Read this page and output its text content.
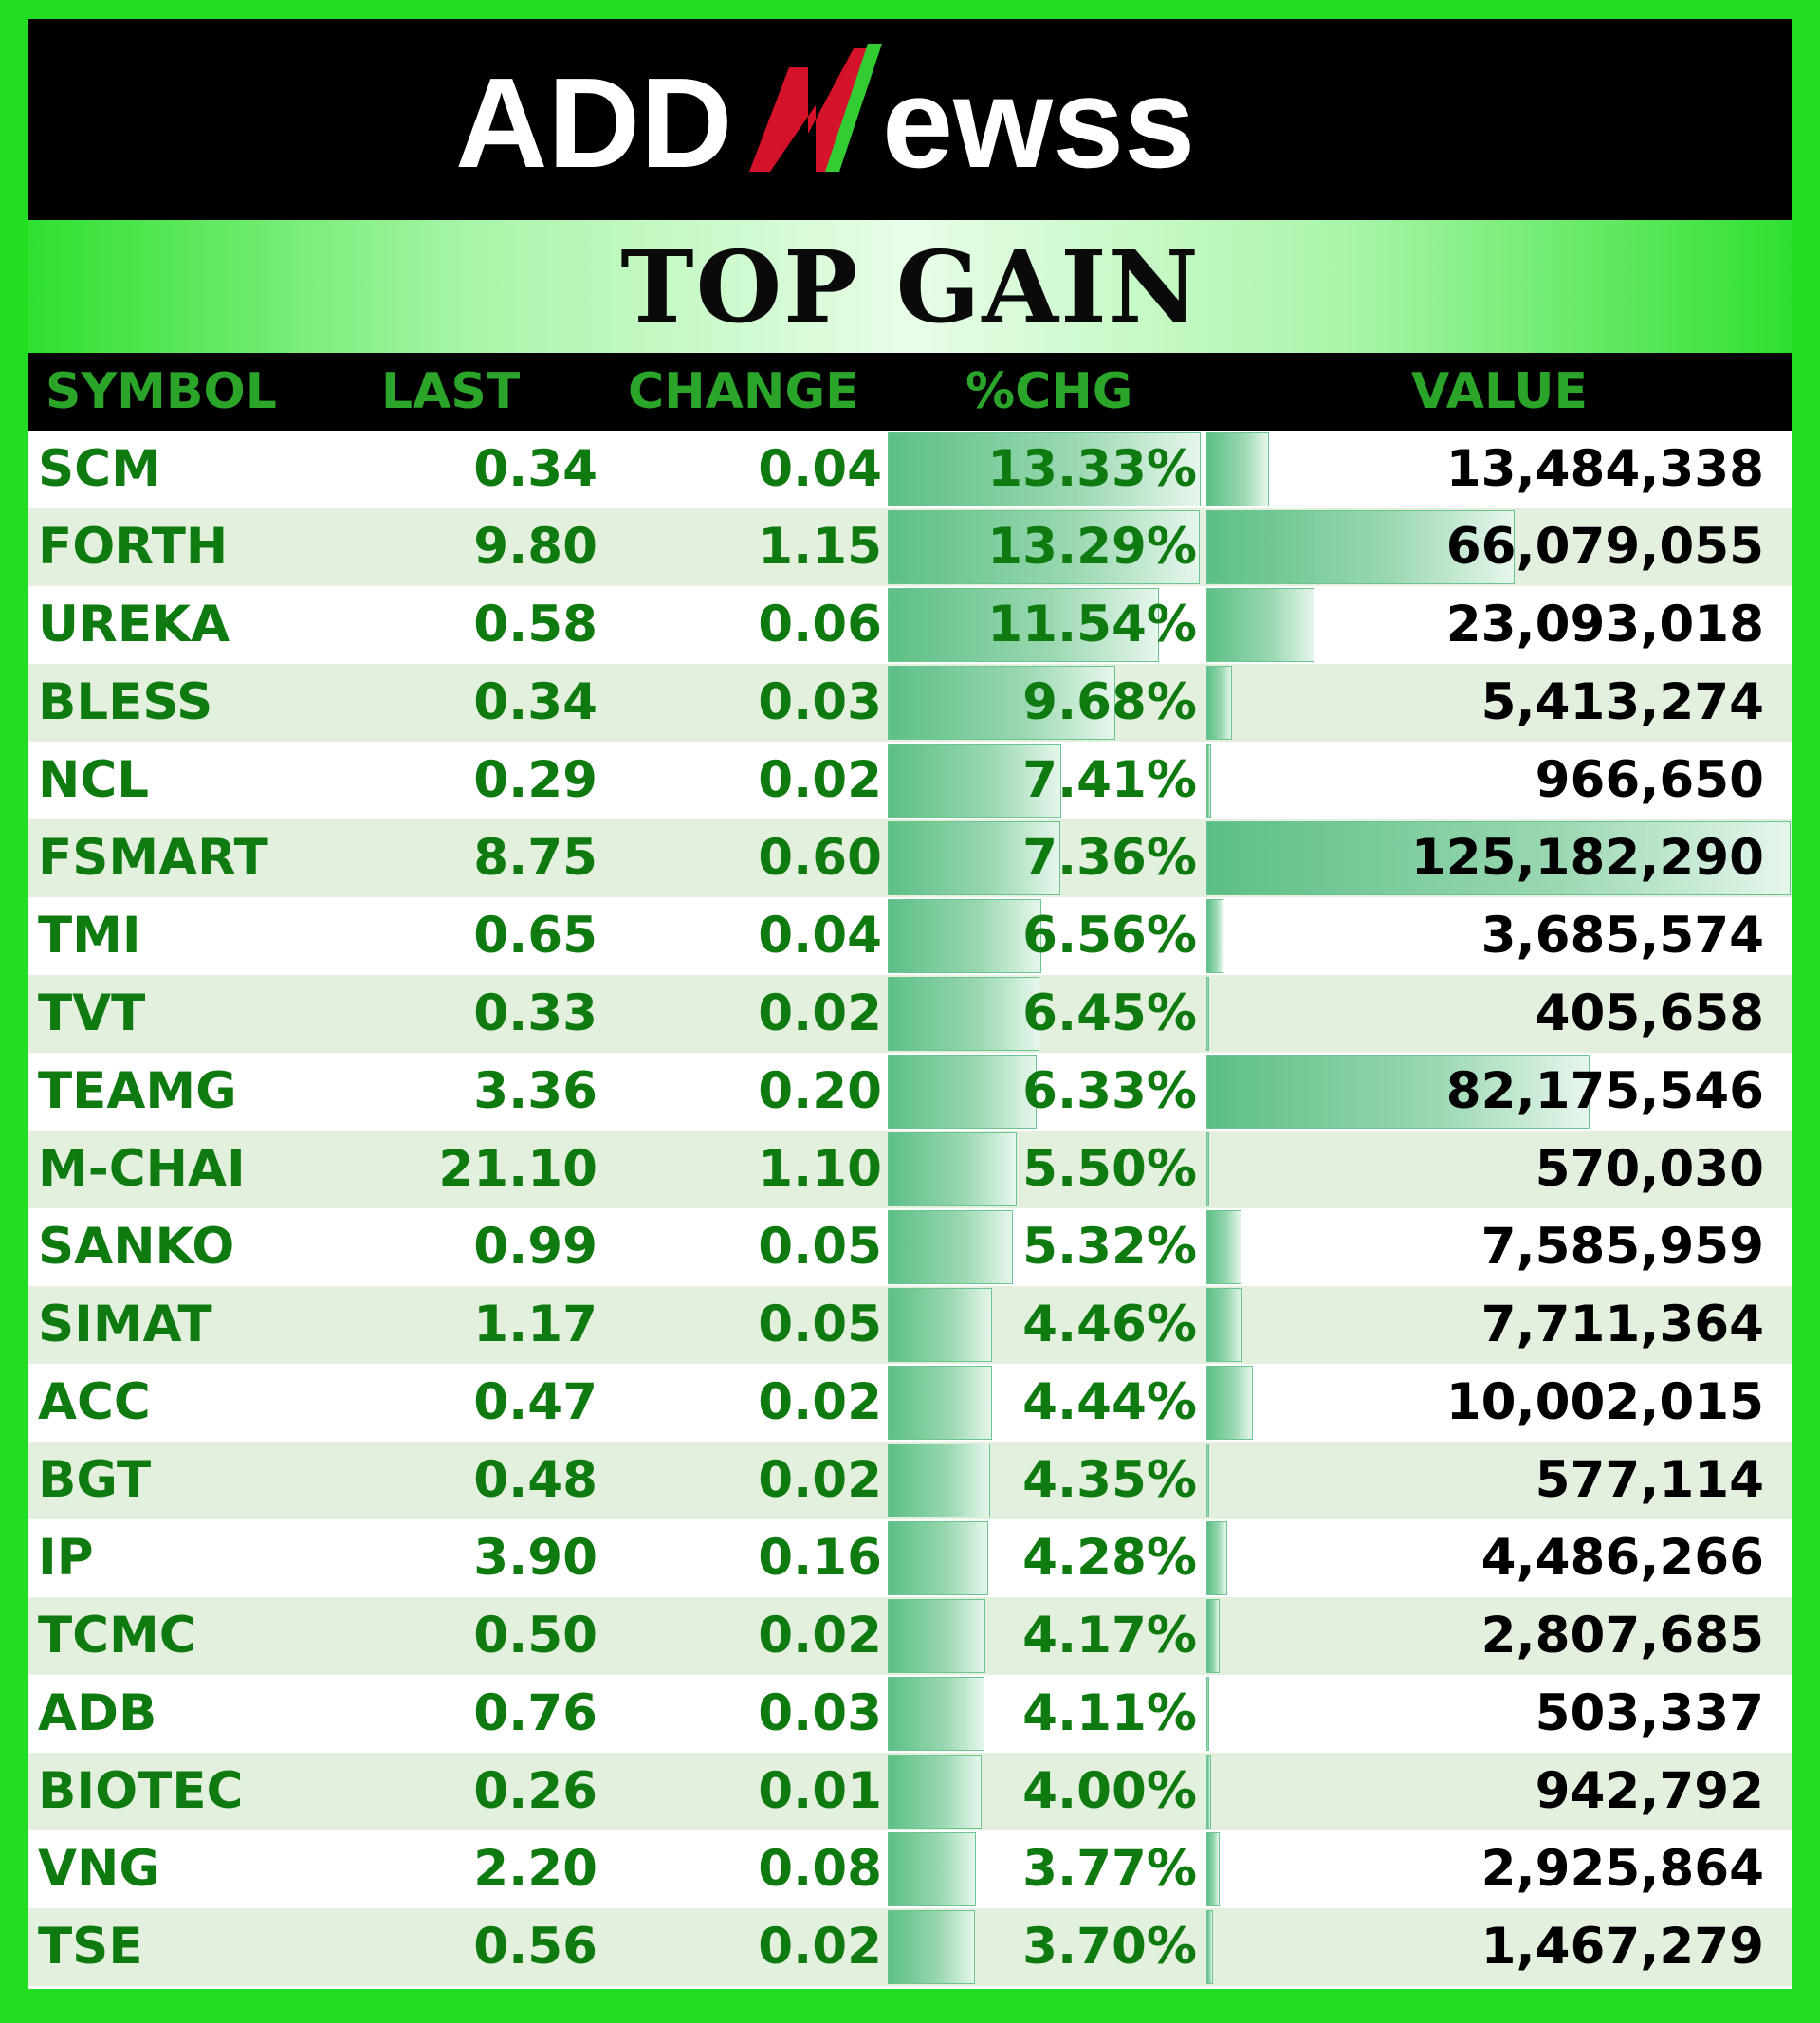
ADD ewss
TOP GAIN
SYMBOL LAST CHANGE %CHG	VALUE
SCM	0.34	0.04 13.33%	13,484,338
FORTH	9.80	1.15 13.29%	66,079,055
UREKA	0.58	0.06 11.54%	23,093,018
BLESS	0.34	0.03	9.68%	5,413,274
NCL	0.29	0.02	7.41%	966,650
FSMART	8.75	0.60	7.36%	125,182,290
TMI	0.65	0.04	6.56%	3,685,574
TVT	0.33	0.02	6.45%	405,658
TEAMG	3.36	0.20	6.33%	82,175,546
M-CHAI	21.10	1.10	5.50%	570,030
SANKO	0.99	0.05	5.32%	7,585,959
SIMAT	1.17	0.05	4.46%	7,711,364
ACC	0.47	0.02	4.44%	10,002,015
BGT	0.48	0.02	4.35%	577,114
IP	3.90	0.16	4.28%	4,486,266
TCMC	0.50	0.02	4.17%	2,807,685
ADB	0.76	0.03	4.11%	503,337
BIOTEC	0.26	0.01	4.00%	942,792
VNG	2.20	0.08	3.77%	2,925,864
TSE	0.56	0.02	3.70%	1,467,279
